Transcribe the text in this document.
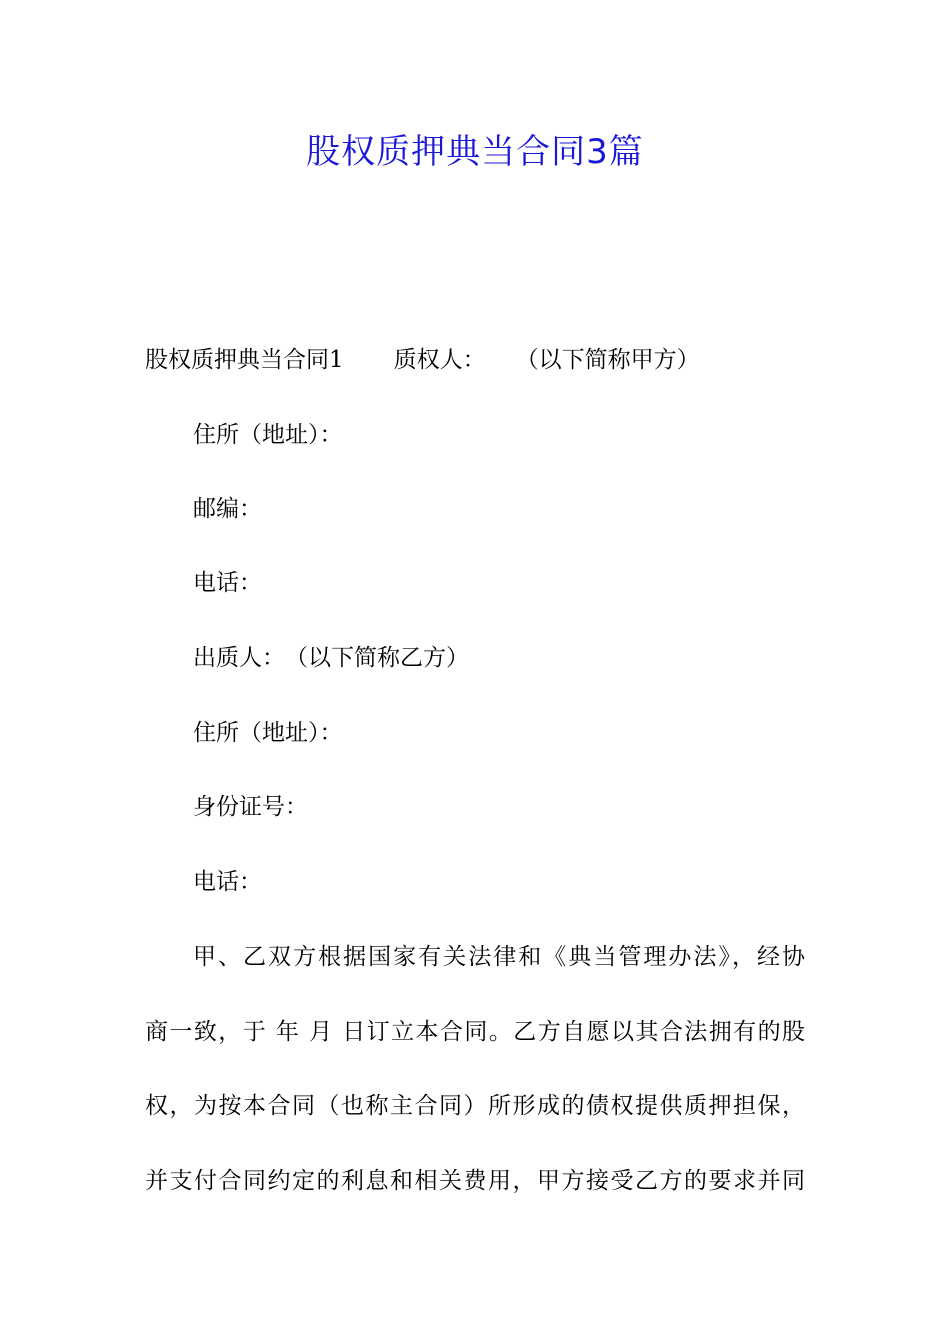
股权质押典当合同3篇
股权质押典当合同1 质权人： （以下简称甲方）
住所（地址）：
邮编：
电话：
出质人：　（以下简称乙方）
住所（地址）：
身份证号：
电话：
甲、乙双方根据国家有关法律和《典当管理办法》，经协
商一致，于 年 月 日订立本合同。乙方自愿以其合法拥有的股
权，为按本合同（也称主合同）所形成的债权提供质押担保，
并支付合同约定的利息和相关费用，甲方接受乙方的要求并同
